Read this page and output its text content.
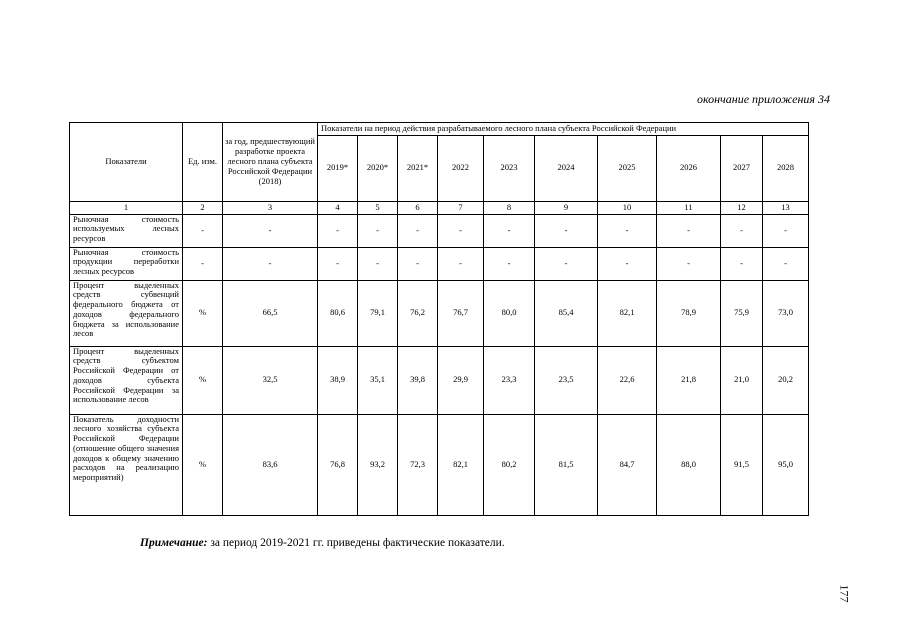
окончание приложения 34
Показатели	Ед. изм.	за год, предшествующий разработке проекта лесного плана субъекта Российской Федерации (2018)	Показатели на период действия разрабатываемого лесного плана субъекта Российской Федерации									
			2019*	2020*	2021*	2022	2023	2024	2025	2026	2027	2028
1	2	3	4	5	6	7	8	9	10	11	12	13
Рыночная стоимость используемых лесных ресурсов	-	-	-	-	-	-	-	-	-	-	-	-
Рыночная стоимость продукции переработки лесных ресурсов	-	-	-	-	-	-	-	-	-	-	-	-
Процент выделенных средств субвенций федерального бюджета от доходов федерального бюджета за использование лесов	%	66,5	80,6	79,1	76,2	76,7	80,0	85,4	82,1	78,9	75,9	73,0
Процент выделенных средств субъектом Российской Федерации от доходов субъекта Российской Федерации за использование лесов	%	32,5	38,9	35,1	39,8	29,9	23,3	23,5	22,6	21,8	21,0	20,2
Показатель доходности лесного хозяйства субъекта Российской Федерации (отношение общего значения доходов к общему значению расходов на реализацию мероприятий)	%	83,6	76,8	93,2	72,3	82,1	80,2	81,5	84,7	88,0	91,5	95,0
Примечание: за период 2019-2021 гг. приведены фактические показатели.
177
